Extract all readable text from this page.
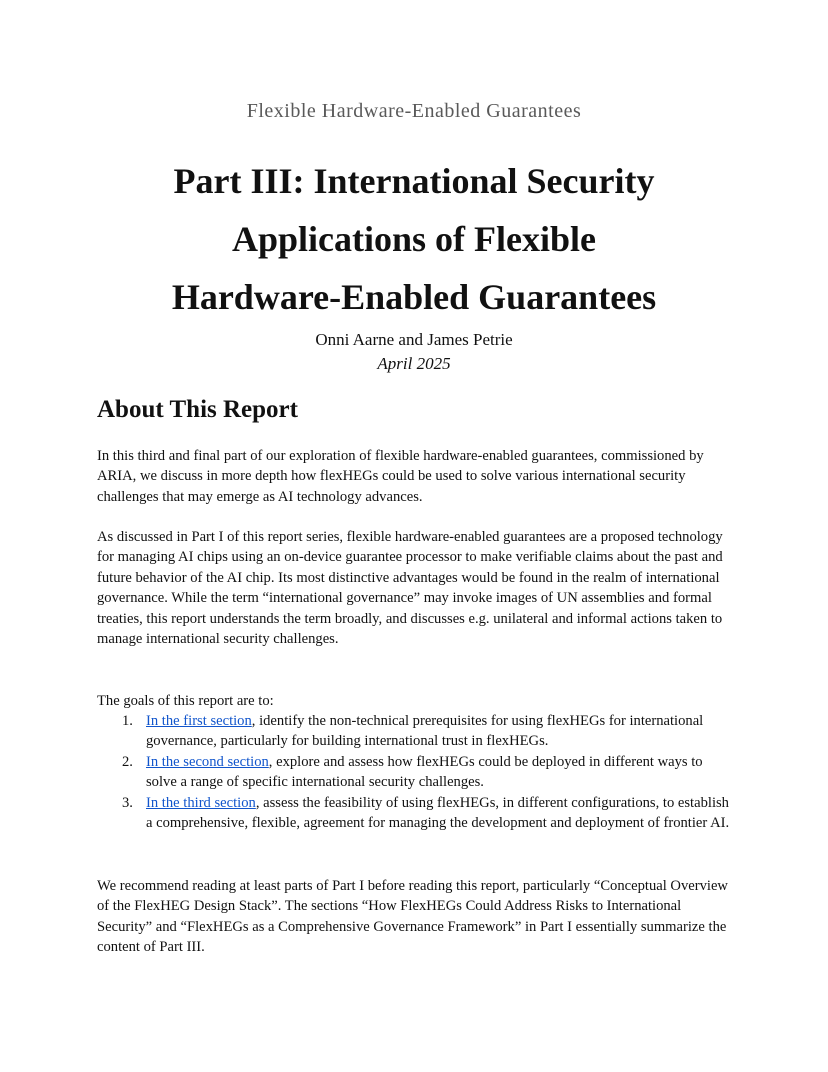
Flexible Hardware-Enabled Guarantees
Part III: International Security
Applications of Flexible
Hardware-Enabled Guarantees
Onni Aarne and James Petrie
April 2025
About This Report
In this third and final part of our exploration of flexible hardware-enabled guarantees, commissioned by ARIA, we discuss in more depth how flexHEGs could be used to solve various international security challenges that may emerge as AI technology advances.
As discussed in Part I of this report series, flexible hardware-enabled guarantees are a proposed technology for managing AI chips using an on-device guarantee processor to make verifiable claims about the past and future behavior of the AI chip. Its most distinctive advantages would be found in the realm of international governance. While the term “international governance” may invoke images of UN assemblies and formal treaties, this report understands the term broadly, and discusses e.g. unilateral and informal actions taken to manage international security challenges.
The goals of this report are to:
1. In the first section, identify the non-technical prerequisites for using flexHEGs for international governance, particularly for building international trust in flexHEGs.
2. In the second section, explore and assess how flexHEGs could be deployed in different ways to solve a range of specific international security challenges.
3. In the third section, assess the feasibility of using flexHEGs, in different configurations, to establish a comprehensive, flexible, agreement for managing the development and deployment of frontier AI.
We recommend reading at least parts of Part I before reading this report, particularly “Conceptual Overview of the FlexHEG Design Stack”. The sections “How FlexHEGs Could Address Risks to International Security” and “FlexHEGs as a Comprehensive Governance Framework” in Part I essentially summarize the content of Part III.
